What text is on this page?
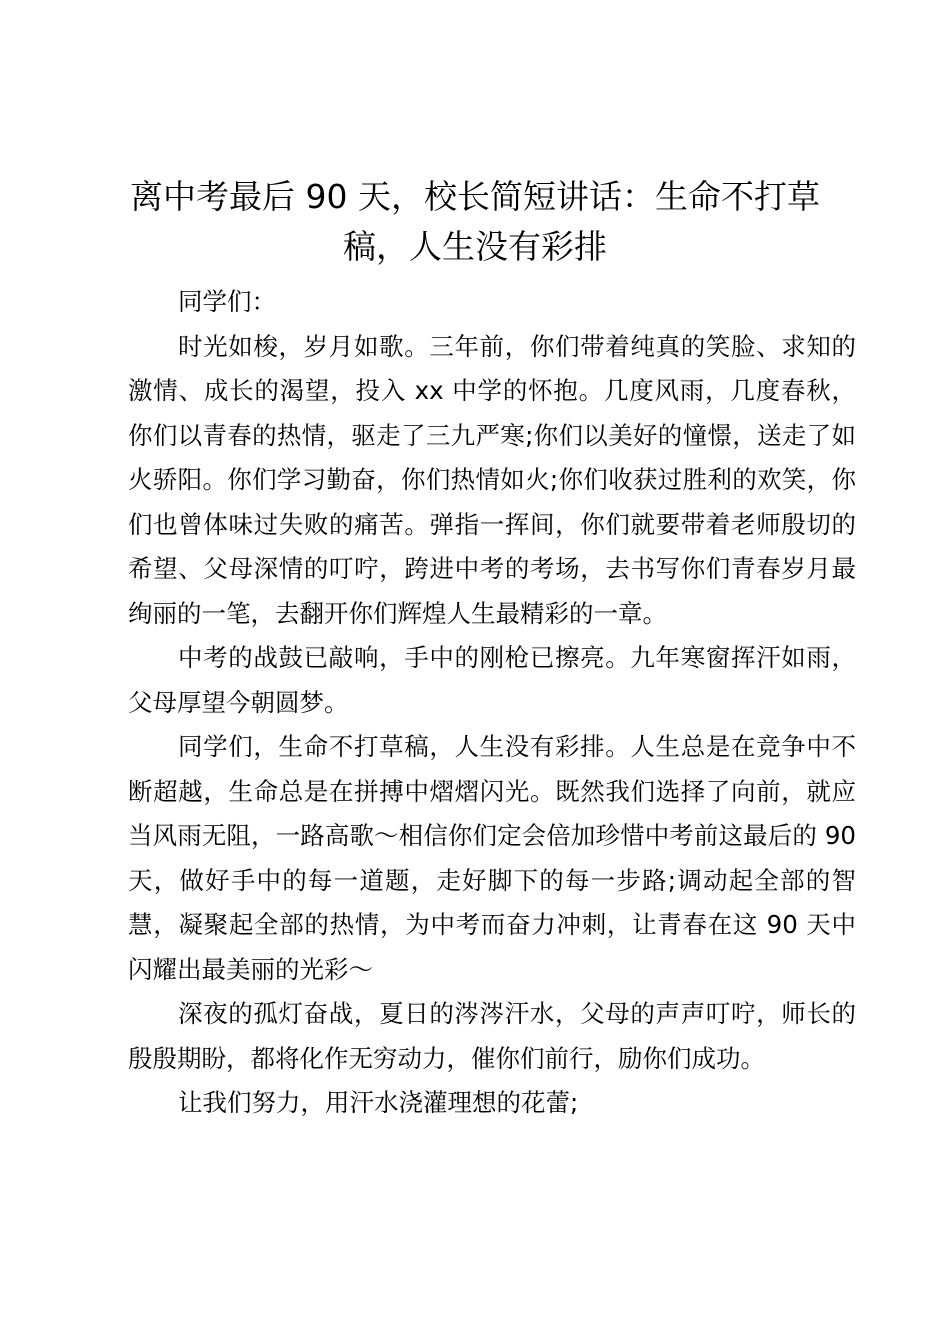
离中考最后 90 天，校长简短讲话：生命不打草稿，人生没有彩排

同学们：

时光如梭，岁月如歌。三年前，你们带着纯真的笑脸、求知的激情、成长的渴望，投入 xx 中学的怀抱。几度风雨，几度春秋，你们以青春的热情，驱走了三九严寒;你们以美好的憧憬，送走了如火骄阳。你们学习勤奋，你们热情如火;你们收获过胜利的欢笑，你们也曾体味过失败的痛苦。弹指一挥间，你们就要带着老师殷切的希望、父母深情的叮咛，跨进中考的考场，去书写你们青春岁月最绚丽的一笔，去翻开你们辉煌人生最精彩的一章。

中考的战鼓已敲响，手中的刚枪已擦亮。九年寒窗挥汗如雨，父母厚望今朝圆梦。

同学们，生命不打草稿，人生没有彩排。人生总是在竞争中不断超越，生命总是在拼搏中熠熠闪光。既然我们选择了向前，就应当风雨无阻，一路高歌～相信你们定会倍加珍惜中考前这最后的 90 天，做好手中的每一道题，走好脚下的每一步路;调动起全部的智慧，凝聚起全部的热情，为中考而奋力冲刺，让青春在这 90 天中闪耀出最美丽的光彩～

深夜的孤灯奋战，夏日的涔涔汗水，父母的声声叮咛，师长的殷殷期盼，都将化作无穷动力，催你们前行，励你们成功。

让我们努力，用汗水浇灌理想的花蕾;
